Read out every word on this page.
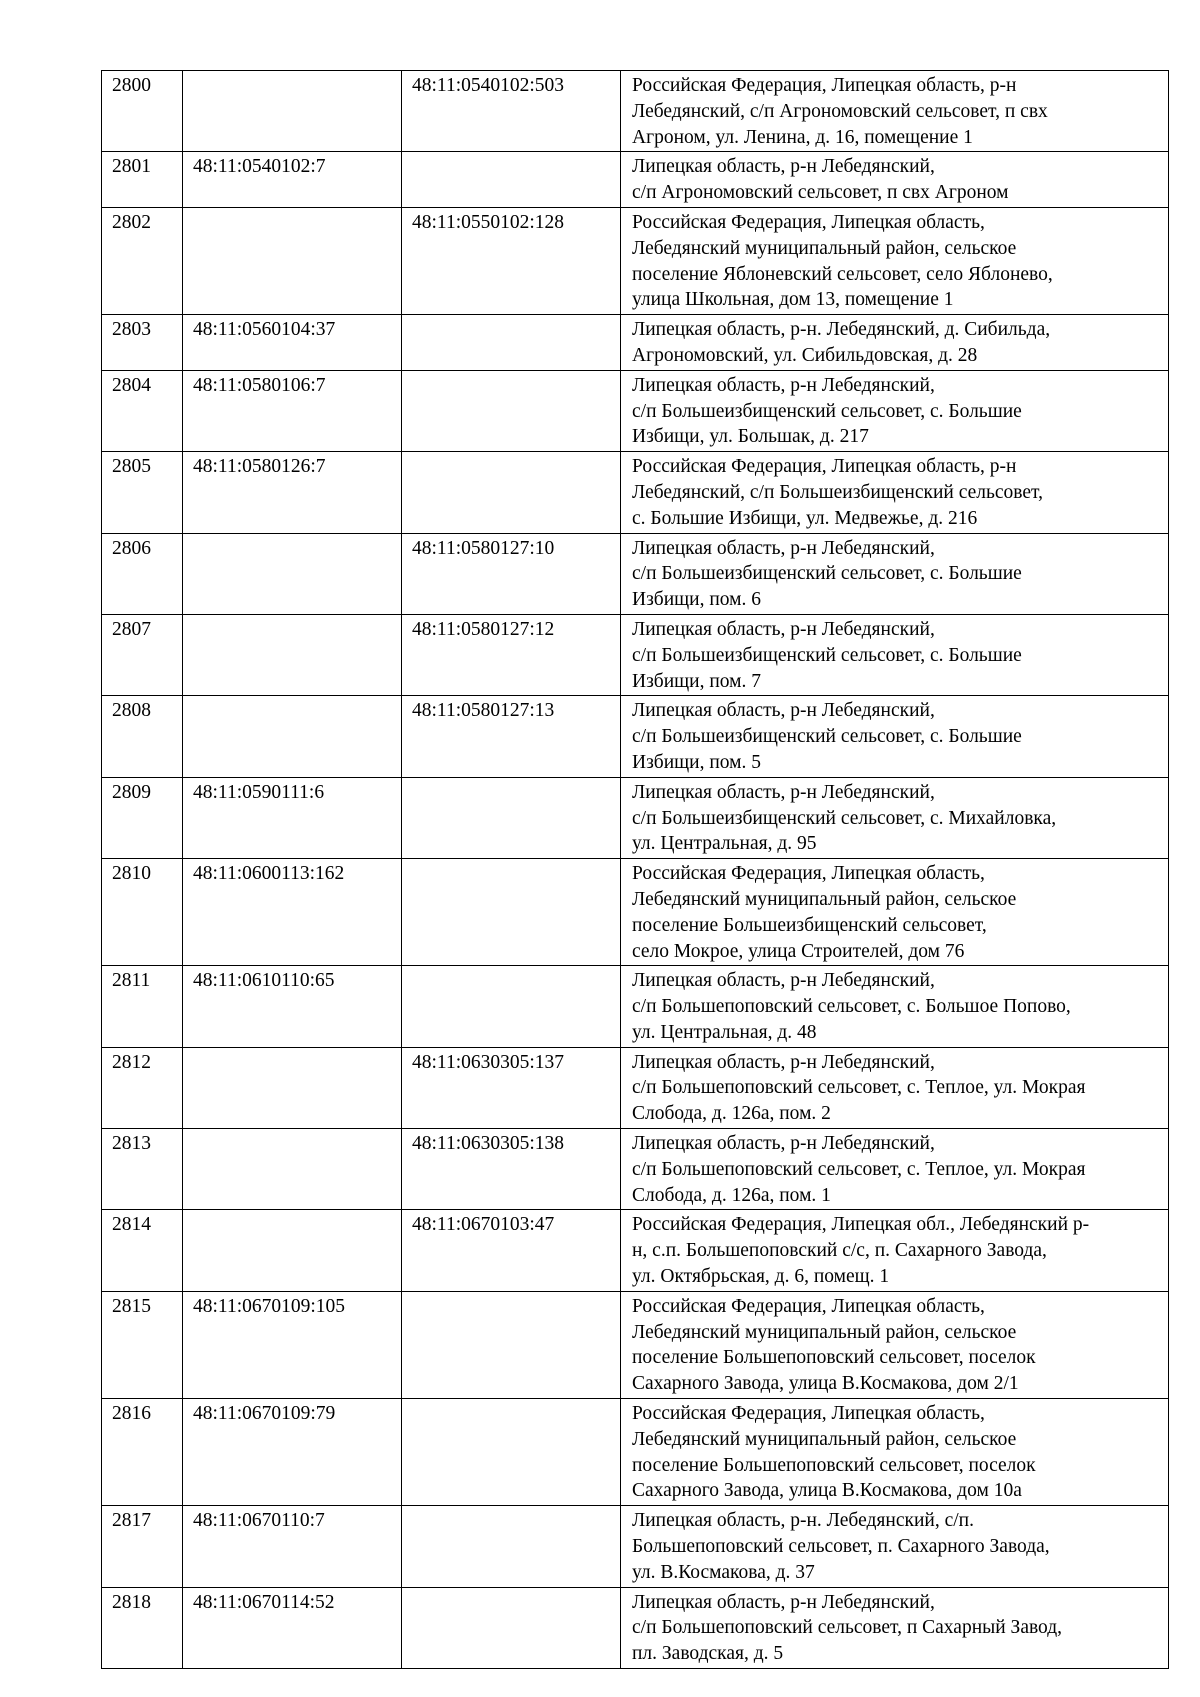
2800		48:11:0540102:503	Российская Федерация, Липецкая область, р-н
Лебедянский, с/п Агрономовский сельсовет, п свх
Агроном, ул. Ленина, д. 16, помещение 1

2801	48:11:0540102:7		Липецкая область, р-н Лебедянский,
с/п Агрономовский сельсовет, п свх Агроном

2802		48:11:0550102:128	Российская Федерация, Липецкая область,
Лебедянский муниципальный район, сельское
поселение Яблоневский сельсовет, село Яблонево,
улица Школьная, дом 13, помещение 1

2803	48:11:0560104:37		Липецкая область, р-н. Лебедянский, д. Сибильда,
Агрономовский, ул. Сибильдовская, д. 28

2804	48:11:0580106:7		Липецкая область, р-н Лебедянский,
с/п Большеизбищенский сельсовет, с. Большие
Избищи, ул. Большак, д. 217

2805	48:11:0580126:7		Российская Федерация, Липецкая область, р-н
Лебедянский, с/п Большеизбищенский сельсовет,
с. Большие Избищи, ул. Медвежье, д. 216

2806		48:11:0580127:10	Липецкая область, р-н Лебедянский,
с/п Большеизбищенский сельсовет, с. Большие
Избищи, пом. 6

2807		48:11:0580127:12	Липецкая область, р-н Лебедянский,
с/п Большеизбищенский сельсовет, с. Большие
Избищи, пом. 7

2808		48:11:0580127:13	Липецкая область, р-н Лебедянский,
с/п Большеизбищенский сельсовет, с. Большие
Избищи, пом. 5

2809	48:11:0590111:6		Липецкая область, р-н Лебедянский,
с/п Большеизбищенский сельсовет, с. Михайловка,
ул. Центральная, д. 95

2810	48:11:0600113:162		Российская Федерация, Липецкая область,
Лебедянский муниципальный район, сельское
поселение Большеизбищенский сельсовет,
село Мокрое, улица Строителей, дом 76

2811	48:11:0610110:65		Липецкая область, р-н Лебедянский,
с/п Большепоповский сельсовет, с. Большое Попово,
ул. Центральная, д. 48

2812		48:11:0630305:137	Липецкая область, р-н Лебедянский,
с/п Большепоповский сельсовет, с. Теплое, ул. Мокрая
Слобода, д. 126а, пом. 2

2813		48:11:0630305:138	Липецкая область, р-н Лебедянский,
с/п Большепоповский сельсовет, с. Теплое, ул. Мокрая
Слобода, д. 126а, пом. 1

2814		48:11:0670103:47	Российская Федерация, Липецкая обл., Лебедянский р-
н, с.п. Большепоповский с/с, п. Сахарного Завода,
ул. Октябрьская, д. 6, помещ. 1

2815	48:11:0670109:105		Российская Федерация, Липецкая область,
Лебедянский муниципальный район, сельское
поселение Большепоповский сельсовет, поселок
Сахарного Завода, улица В.Космакова, дом 2/1

2816	48:11:0670109:79		Российская Федерация, Липецкая область,
Лебедянский муниципальный район, сельское
поселение Большепоповский сельсовет, поселок
Сахарного Завода, улица В.Космакова, дом 10а

2817	48:11:0670110:7		Липецкая область, р-н. Лебедянский, с/п.
Большепоповский сельсовет, п. Сахарного Завода,
ул. В.Космакова, д. 37

2818	48:11:0670114:52		Липецкая область, р-н Лебедянский,
с/п Большепоповский сельсовет, п Сахарный Завод,
пл. Заводская, д. 5
